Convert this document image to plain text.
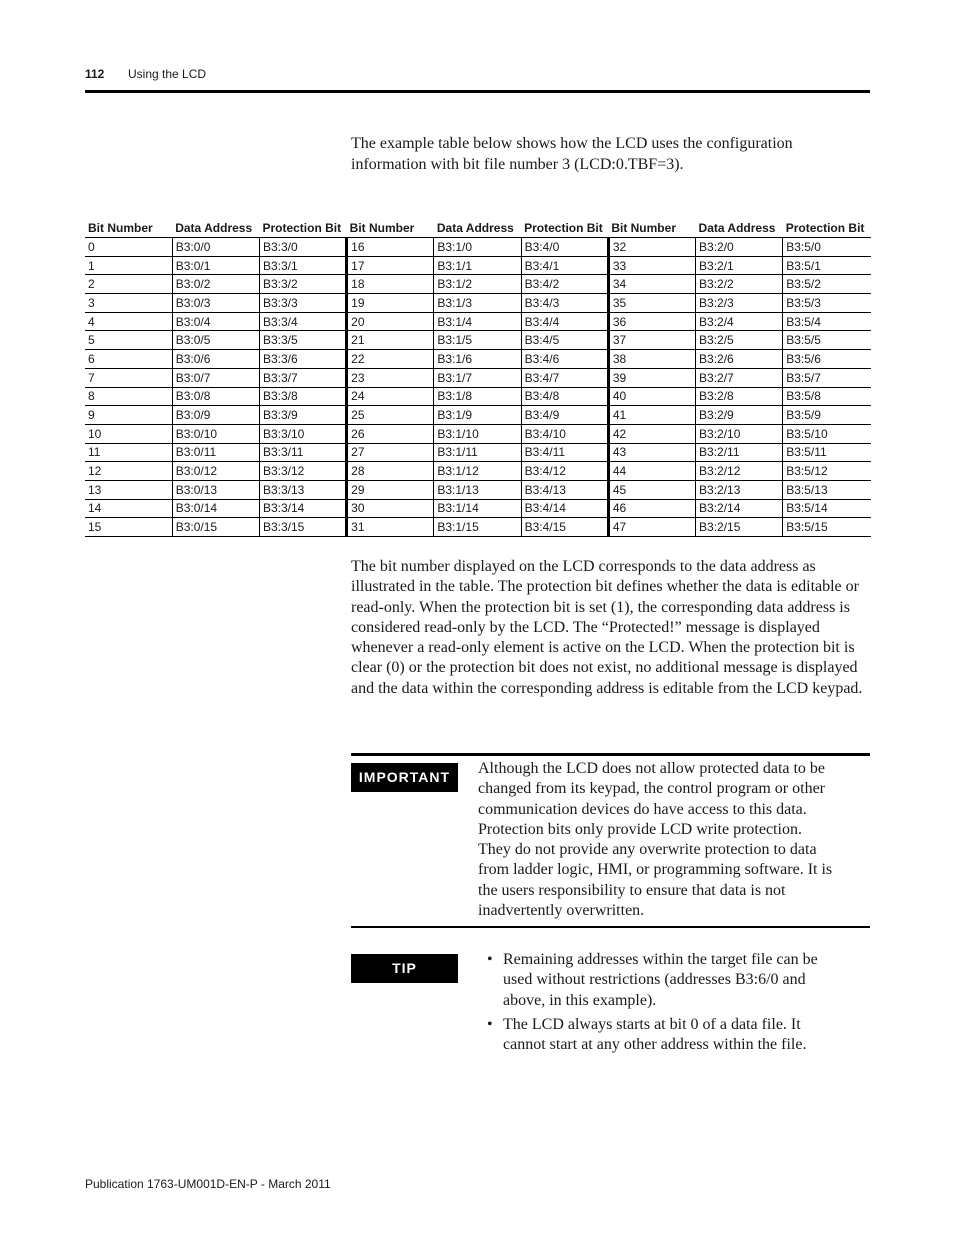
112 Using the LCD
The example table below shows how the LCD uses the configuration information with bit file number 3 (LCD:0.TBF=3).
Bit Number	Data Address	Protection Bit	Bit Number	Data Address	Protection Bit	Bit Number	Data Address	Protection Bit
0	B3:0/0	B3:3/0	16	B3:1/0	B3:4/0	32	B3:2/0	B3:5/0
1	B3:0/1	B3:3/1	17	B3:1/1	B3:4/1	33	B3:2/1	B3:5/1
2	B3:0/2	B3:3/2	18	B3:1/2	B3:4/2	34	B3:2/2	B3:5/2
3	B3:0/3	B3:3/3	19	B3:1/3	B3:4/3	35	B3:2/3	B3:5/3
4	B3:0/4	B3:3/4	20	B3:1/4	B3:4/4	36	B3:2/4	B3:5/4
5	B3:0/5	B3:3/5	21	B3:1/5	B3:4/5	37	B3:2/5	B3:5/5
6	B3:0/6	B3:3/6	22	B3:1/6	B3:4/6	38	B3:2/6	B3:5/6
7	B3:0/7	B3:3/7	23	B3:1/7	B3:4/7	39	B3:2/7	B3:5/7
8	B3:0/8	B3:3/8	24	B3:1/8	B3:4/8	40	B3:2/8	B3:5/8
9	B3:0/9	B3:3/9	25	B3:1/9	B3:4/9	41	B3:2/9	B3:5/9
10	B3:0/10	B3:3/10	26	B3:1/10	B3:4/10	42	B3:2/10	B3:5/10
11	B3:0/11	B3:3/11	27	B3:1/11	B3:4/11	43	B3:2/11	B3:5/11
12	B3:0/12	B3:3/12	28	B3:1/12	B3:4/12	44	B3:2/12	B3:5/12
13	B3:0/13	B3:3/13	29	B3:1/13	B3:4/13	45	B3:2/13	B3:5/13
14	B3:0/14	B3:3/14	30	B3:1/14	B3:4/14	46	B3:2/14	B3:5/14
15	B3:0/15	B3:3/15	31	B3:1/15	B3:4/15	47	B3:2/15	B3:5/15
The bit number displayed on the LCD corresponds to the data address as illustrated in the table. The protection bit defines whether the data is editable or read-only. When the protection bit is set (1), the corresponding data address is considered read-only by the LCD. The “Protected!” message is displayed whenever a read-only element is active on the LCD. When the protection bit is clear (0) or the protection bit does not exist, no additional message is displayed and the data within the corresponding address is editable from the LCD keypad.
IMPORTANT	Although the LCD does not allow protected data to be changed from its keypad, the control program or other communication devices do have access to this data. Protection bits only provide LCD write protection. They do not provide any overwrite protection to data from ladder logic, HMI, or programming software. It is the users responsibility to ensure that data is not inadvertently overwritten.
TIP	• Remaining addresses within the target file can be used without restrictions (addresses B3:6/0 and above, in this example).
• The LCD always starts at bit 0 of a data file. It cannot start at any other address within the file.
Publication 1763-UM001D-EN-P - March 2011
